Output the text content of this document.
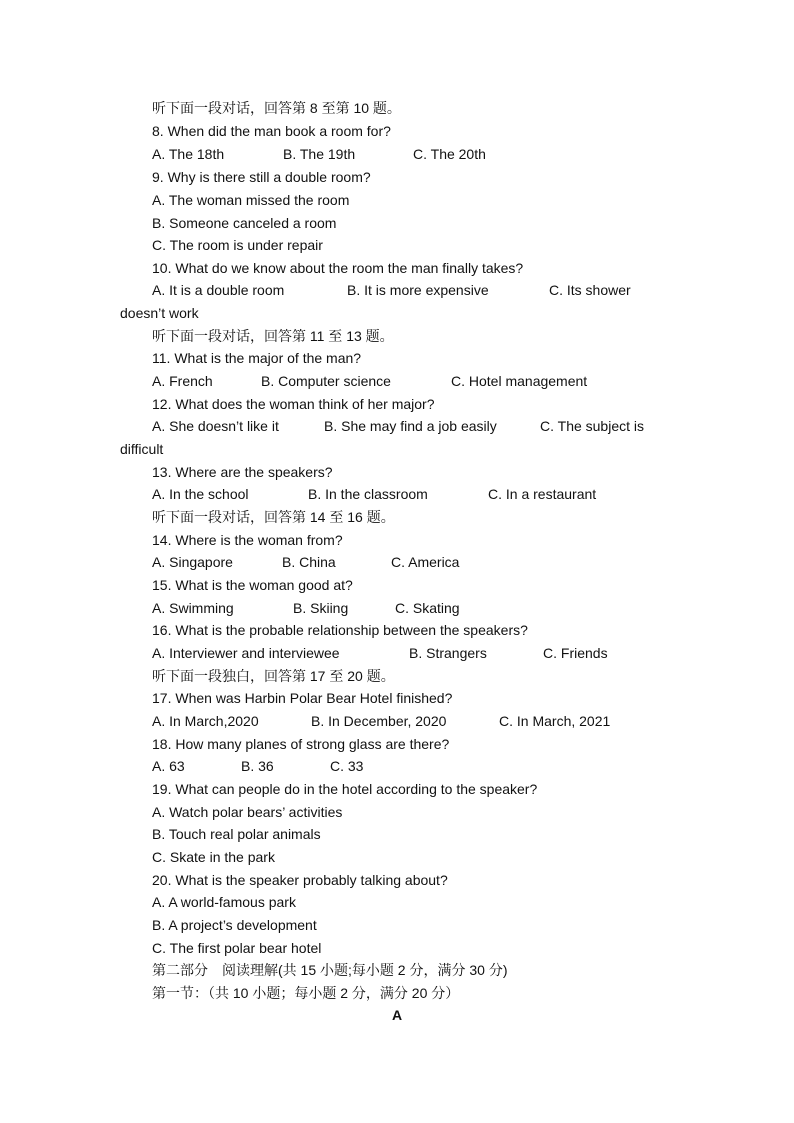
听下面一段对话，回答第 8 至第 10 题。
8. When did the man book a room for?
A. The 18th	B. The 19th	C. The 20th
9. Why is there still a double room?
A. The woman missed the room
B. Someone canceled a room
C. The room is under repair
10. What do we know about the room the man finally takes?
A. It is a double room	B. It is more expensive	C. Its shower
doesn’t work
听下面一段对话，回答第 11 至 13 题。
11. What is the major of the man?
A. French	B. Computer science	C. Hotel management
12. What does the woman think of her major?
A. She doesn’t like it	B. She may find a job easily	C. The subject is
difficult
13. Where are the speakers?
A. In the school	B. In the classroom	C. In a restaurant
听下面一段对话，回答第 14 至 16 题。
14. Where is the woman from?
A. Singapore	B. China	C. America
15. What is the woman good at?
A. Swimming	B. Skiing	C. Skating
16. What is the probable relationship between the speakers?
A. Interviewer and interviewee	B. Strangers	C. Friends
听下面一段独白，回答第 17 至 20 题。
17. When was Harbin Polar Bear Hotel finished?
A. In March,2020	B. In December, 2020	C. In March, 2021
18. How many planes of strong glass are there?
A. 63	B. 36	C. 33
19. What can people do in the hotel according to the speaker?
A. Watch polar bears’ activities
B. Touch real polar animals
C. Skate in the park
20. What is the speaker probably talking about?
A. A world-famous park
B. A project’s development
C. The first polar bear hotel
第二部分　阅读理解(共 15 小题;每小题 2 分，满分 30 分)
第一节：（共 10 小题；每小题 2 分，满分 20 分）
A
